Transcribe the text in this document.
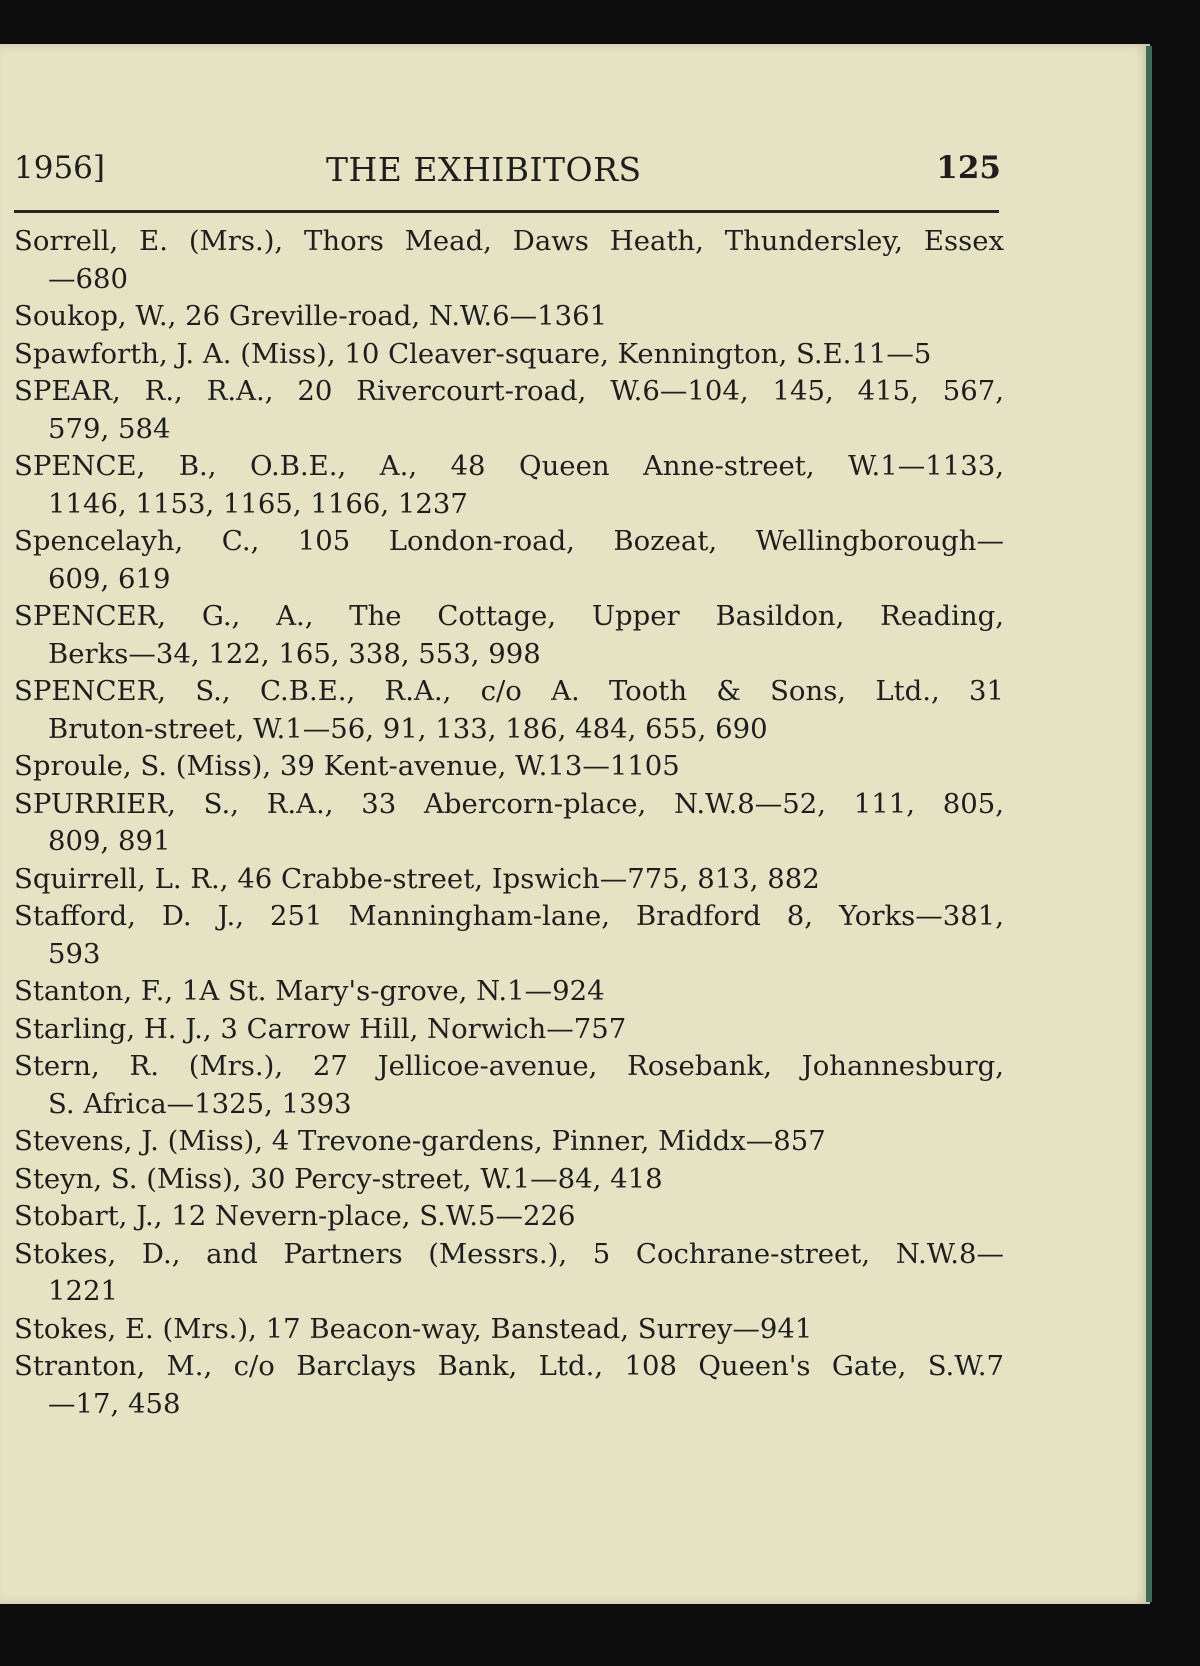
1956]	THE EXHIBITORS	125
Sorrell, E. (Mrs.), Thors Mead, Daws Heath, Thundersley, Essex
—680
Soukop, W., 26 Greville-road, N.W.6—1361
Spawforth, J. A. (Miss), 10 Cleaver-square, Kennington, S.E.11—5
SPEAR, R., R.A., 20 Rivercourt-road, W.6—104, 145, 415, 567,
579, 584
SPENCE, B., O.B.E., A., 48 Queen Anne-street, W.1—1133,
1146, 1153, 1165, 1166, 1237
Spencelayh, C., 105 London-road, Bozeat, Wellingborough—
609, 619
SPENCER, G., A., The Cottage, Upper Basildon, Reading,
Berks—34, 122, 165, 338, 553, 998
SPENCER, S., C.B.E., R.A., c/o A. Tooth & Sons, Ltd., 31
Bruton-street, W.1—56, 91, 133, 186, 484, 655, 690
Sproule, S. (Miss), 39 Kent-avenue, W.13—1105
SPURRIER, S., R.A., 33 Abercorn-place, N.W.8—52, 111, 805,
809, 891
Squirrell, L. R., 46 Crabbe-street, Ipswich—775, 813, 882
Stafford, D. J., 251 Manningham-lane, Bradford 8, Yorks—381,
593
Stanton, F., 1A St. Mary's-grove, N.1—924
Starling, H. J., 3 Carrow Hill, Norwich—757
Stern, R. (Mrs.), 27 Jellicoe-avenue, Rosebank, Johannesburg,
S. Africa—1325, 1393
Stevens, J. (Miss), 4 Trevone-gardens, Pinner, Middx—857
Steyn, S. (Miss), 30 Percy-street, W.1—84, 418
Stobart, J., 12 Nevern-place, S.W.5—226
Stokes, D., and Partners (Messrs.), 5 Cochrane-street, N.W.8—
1221
Stokes, E. (Mrs.), 17 Beacon-way, Banstead, Surrey—941
Stranton, M., c/o Barclays Bank, Ltd., 108 Queen's Gate, S.W.7
—17, 458
